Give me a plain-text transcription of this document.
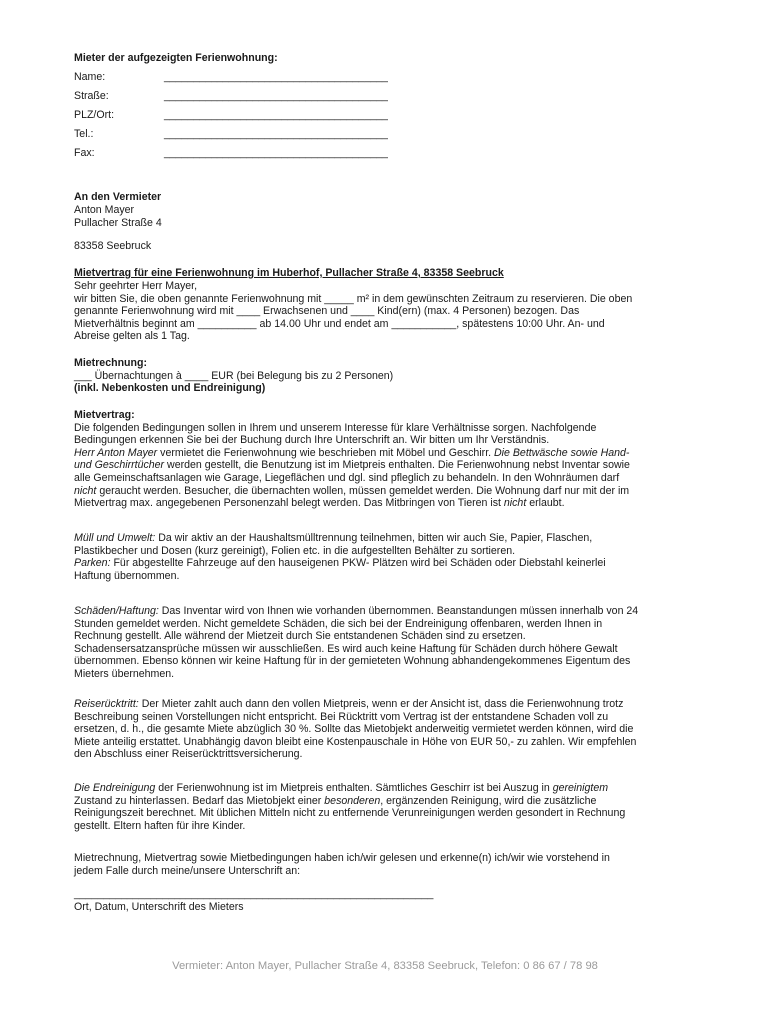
Mieter der aufgezeigten Ferienwohnung:
Name:	______________________________________
Straße:	______________________________________
PLZ/Ort:	______________________________________
Tel.:	______________________________________
Fax:	______________________________________
An den Vermieter
Anton Mayer
Pullacher Straße 4
83358 Seebruck
Mietvertrag für eine Ferienwohnung im Huberhof, Pullacher Straße 4, 83358 Seebruck

Sehr geehrter Herr Mayer,

wir bitten Sie, die oben genannte Ferienwohnung mit _____ m² in dem gewünschten Zeitraum zu reservieren. Die oben

genannte Ferienwohnung wird mit ____ Erwachsenen und ____ Kind(ern) (max. 4 Personen) bezogen. Das

Mietverhältnis beginnt am __________ ab 14.00 Uhr und endet am ___________, spätestens 10:00 Uhr. An- und

Abreise gelten als 1 Tag.

Mietrechnung:

___ Übernachtungen à ____ EUR (bei Belegung bis zu 2 Personen)

(inkl. Nebenkosten und Endreinigung)

Mietvertrag:

Die folgenden Bedingungen sollen in Ihrem und unserem Interesse für klare Verhältnisse sorgen. Nachfolgende

Bedingungen erkennen Sie bei der Buchung durch Ihre Unterschrift an. Wir bitten um Ihr Verständnis.

Herr Anton Mayer vermietet die Ferienwohnung wie beschrieben mit Möbel und Geschirr. Die Bettwäsche sowie Hand-

und Geschirrtücher werden gestellt, die Benutzung ist im Mietpreis enthalten. Die Ferienwohnung nebst Inventar sowie

alle Gemeinschaftsanlagen wie Garage, Liegeflächen und dgl. sind pfleglich zu behandeln. In den Wohnräumen darf

nicht geraucht werden. Besucher, die übernachten wollen, müssen gemeldet werden. Die Wohnung darf nur mit der im

Mietvertrag max. angegebenen Personenzahl belegt werden. Das Mitbringen von Tieren ist nicht erlaubt.

Müll und Umwelt: Da wir aktiv an der Haushaltsmülltrennung teilnehmen, bitten wir auch Sie, Papier, Flaschen,

Plastikbecher und Dosen (kurz gereinigt), Folien etc. in die aufgestellten Behälter zu sortieren.

Parken: Für abgestellte Fahrzeuge auf den hauseigenen PKW- Plätzen wird bei Schäden oder Diebstahl keinerlei

Haftung übernommen.

Schäden/Haftung: Das Inventar wird von Ihnen wie vorhanden übernommen. Beanstandungen müssen innerhalb von 24

Stunden gemeldet werden. Nicht gemeldete Schäden, die sich bei der Endreinigung offenbaren, werden Ihnen in

Rechnung gestellt. Alle während der Mietzeit durch Sie entstandenen Schäden sind zu ersetzen.

Schadensersatzansprüche müssen wir ausschließen. Es wird auch keine Haftung für Schäden durch höhere Gewalt

übernommen. Ebenso können wir keine Haftung für in der gemieteten Wohnung abhandengekommenes Eigentum des

Mieters übernehmen.

Reiserücktritt: Der Mieter zahlt auch dann den vollen Mietpreis, wenn er der Ansicht ist, dass die Ferienwohnung trotz

Beschreibung seinen Vorstellungen nicht entspricht. Bei Rücktritt vom Vertrag ist der entstandene Schaden voll zu

ersetzen, d. h., die gesamte Miete abzüglich 30 %. Sollte das Mietobjekt anderweitig vermietet werden können, wird die

Miete anteilig erstattet. Unabhängig davon bleibt eine Kostenpauschale in Höhe von EUR 50,- zu zahlen. Wir empfehlen

den Abschluss einer Reiserücktrittsversicherung.

Die Endreinigung der Ferienwohnung ist im Mietpreis enthalten. Sämtliches Geschirr ist bei Auszug in gereinigtem

Zustand zu hinterlassen. Bedarf das Mietobjekt einer besonderen, ergänzenden Reinigung, wird die zusätzliche

Reinigungszeit berechnet. Mit üblichen Mitteln nicht zu entfernende Verunreinigungen werden gesondert in Rechnung

gestellt. Eltern haften für ihre Kinder.

Mietrechnung, Mietvertrag sowie Mietbedingungen haben ich/wir gelesen und erkenne(n) ich/wir wie vorstehend in

jedem Falle durch meine/unsere Unterschrift an:

_____________________________________________________________
Ort, Datum, Unterschrift des Mieters
Vermieter: Anton Mayer, Pullacher Straße 4, 83358 Seebruck, Telefon: 0 86 67 / 78 98
